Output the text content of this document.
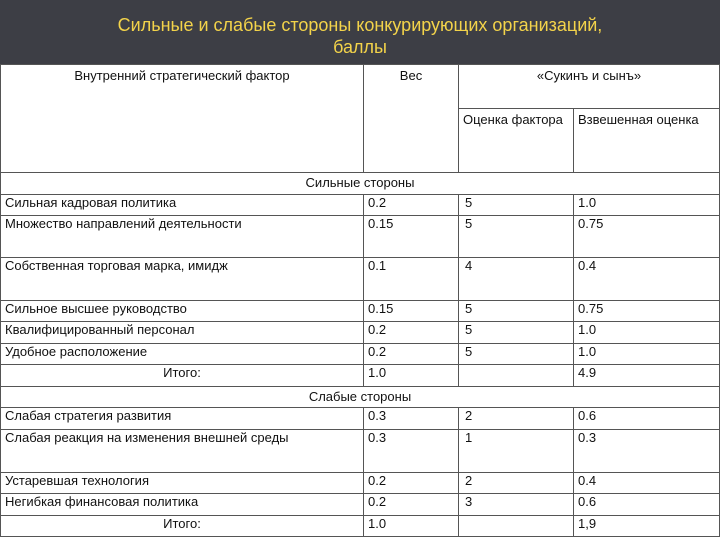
Сильные и слабые стороны конкурирующих организаций,
баллы
Внутренний стратегический фактор	Вес	«Сукинъ и сынъ»	
		Оценка фактора	Взвешенная оценка
Сильные стороны			
Сильная кадровая политика	0.2	5	1.0
Множество направлений деятельности	0.15	5	0.75
Собственная торговая марка, имидж	0.1	4	0.4
Сильное высшее руководство	0.15	5	0.75
Квалифицированный персонал	0.2	5	1.0
Удобное расположение	0.2	5	1.0
Итого:	1.0		4.9
Слабые стороны			
Слабая стратегия развития	0.3	2	0.6
Слабая реакция на изменения внешней среды	0.3	1	0.3
Устаревшая технология	0.2	2	0.4
Негибкая финансовая политика	0.2	3	0.6
Итого:	1.0		1,9
